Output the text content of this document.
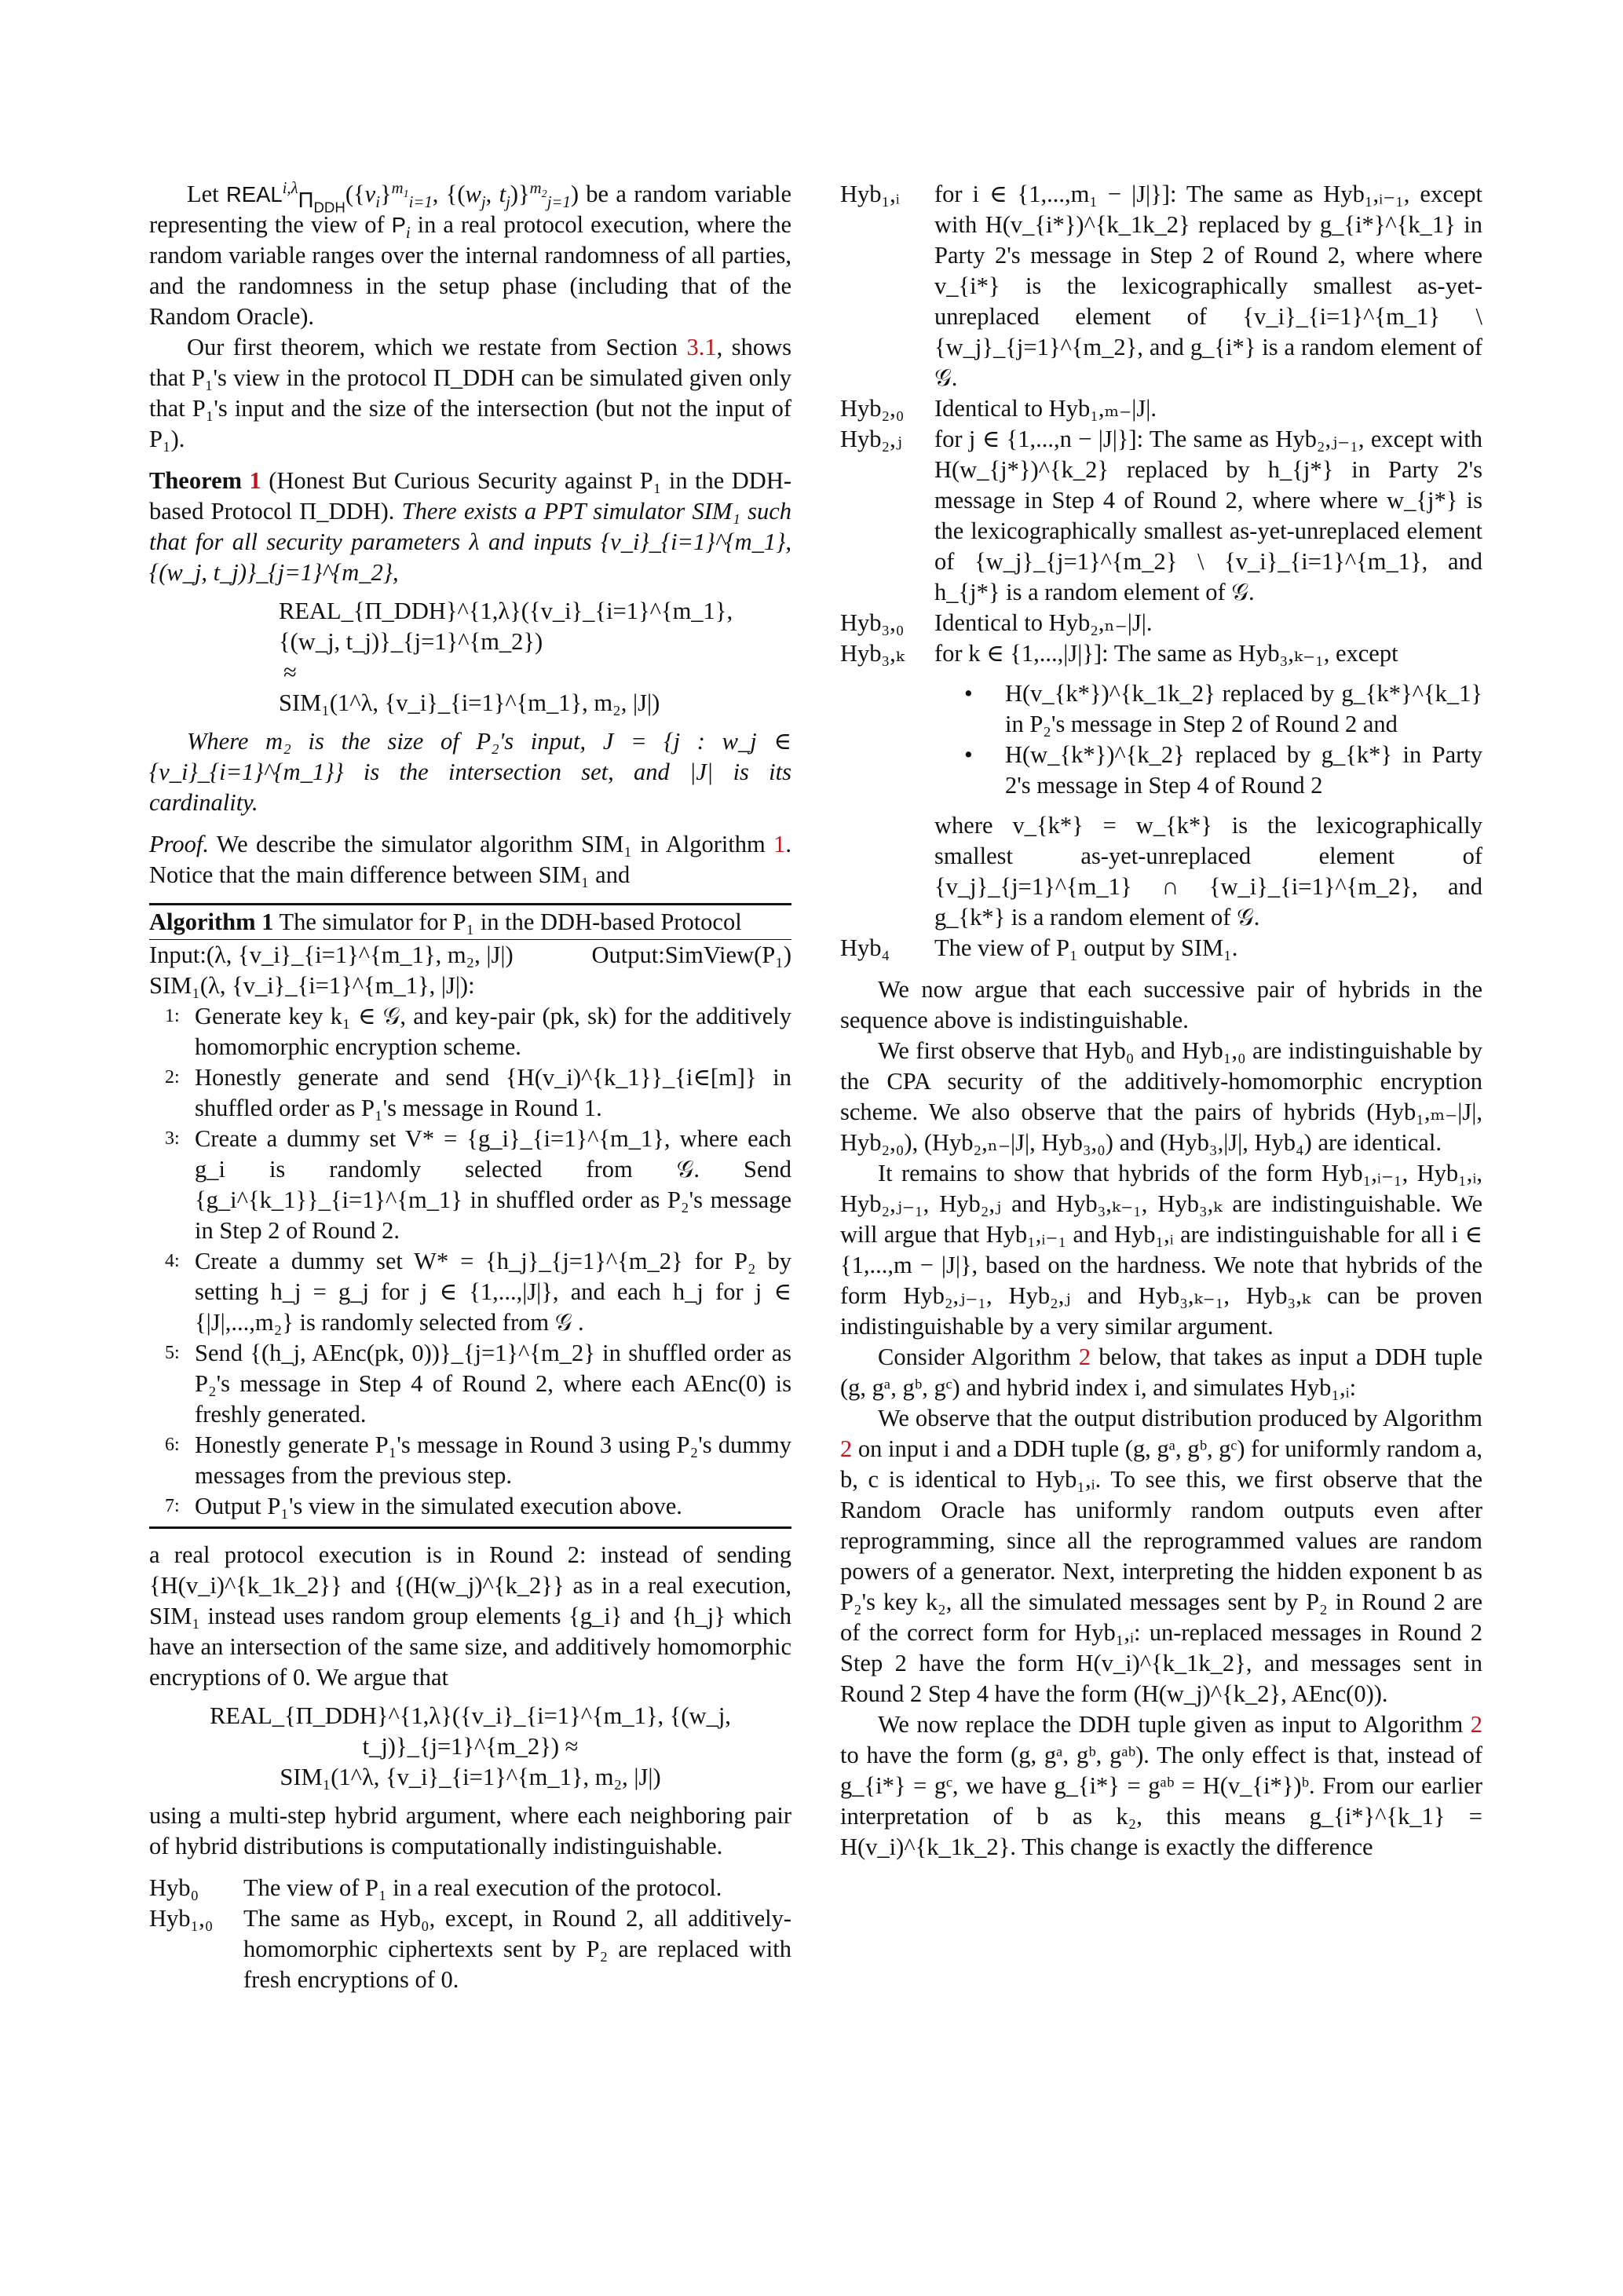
Let $REAL^{i,\lambda}_{\Pi_{DDH}}(\{v_i\}^{m_1}_{i=1}$, {($w_j$, $t_j)\}^{m_2}_{j=1}$) be a random variable representing the view of $P_i$ in a real protocol execution, where the random variable ranges over the internal randomness of all parties, and the randomness in the setup phase (including that of the Random Oracle).

Our first theorem, which we restate from Section 3.1, shows that P₁'s view in the protocol Π_DDH can be simulated given only that P₁'s input and the size of the intersection (but not the input of P₁).

Theorem 1 (Honest But Curious Security against P₁ in the DDH-based Protocol Π_DDH). There exists a PPT simulator SIM₁ such that for all security parameters λ and inputs {v_i}_{i=1}^{m_1}, {(w_j, t_j)}_{j=1}^{m_2},

REAL_{Π_DDH}^{1,λ}({v_i}_{i=1}^{m_1}, {(w_j, t_j)}_{j=1}^{m_2})
≈
SIM₁(1^λ, {v_i}_{i=1}^{m_1}, m₂, |J|)

Where m₂ is the size of P₂'s input, J = {j : w_j ∈ {v_i}_{i=1}^{m_1}} is the intersection set, and |J| is its cardinality.

Proof. We describe the simulator algorithm SIM₁ in Algorithm 1. Notice that the main difference between SIM₁ and

Algorithm 1 The simulator for P₁ in the DDH-based Protocol
Input:(λ, {v_i}_{i=1}^{m_1}, m₂, |J|)	Output:SimView(P₁)
SIM₁(λ, {v_i}_{i=1}^{m_1}, |J|):
1: Generate key k₁ ∈ 𝒢, and key-pair (pk, sk) for the additively homomorphic encryption scheme.
2: Honestly generate and send {H(v_i)^{k_1}}_{i∈[m]} in shuffled order as P₁'s message in Round 1.
3: Create a dummy set V* = {g_i}_{i=1}^{m_1}, where each g_i is randomly selected from 𝒢. Send {g_i^{k_1}}_{i=1}^{m_1} in shuffled order as P₂'s message in Step 2 of Round 2.
4: Create a dummy set W* = {h_j}_{j=1}^{m_2} for P₂ by setting h_j = g_j for j ∈ {1,...,|J|}, and each h_j for j ∈ {|J|,...,m₂} is randomly selected from 𝒢 .
5: Send {(h_j, AEnc(pk, 0))}_{j=1}^{m_2} in shuffled order as P₂'s message in Step 4 of Round 2, where each AEnc(0) is freshly generated.
6: Honestly generate P₁'s message in Round 3 using P₂'s dummy messages from the previous step.
7: Output P₁'s view in the simulated execution above.

a real protocol execution is in Round 2: instead of sending {H(v_i)^{k_1k_2}} and {(H(w_j)^{k_2}} as in a real execution, SIM₁ instead uses random group elements {g_i} and {h_j} which have an intersection of the same size, and additively homomorphic encryptions of 0. We argue that

REAL_{Π_DDH}^{1,λ}({v_i}_{i=1}^{m_1}, {(w_j, t_j)}_{j=1}^{m_2}) ≈
SIM₁(1^λ, {v_i}_{i=1}^{m_1}, m₂, |J|)

using a multi-step hybrid argument, where each neighboring pair of hybrid distributions is computationally indistinguishable.

Hyb₀	The view of P₁ in a real execution of the protocol.
Hyb₁,₀	The same as Hyb₀, except, in Round 2, all additively-homomorphic ciphertexts sent by P₂ are replaced with fresh encryptions of 0.
Hyb₁,ᵢ	for i ∈ {1,...,m₁ − |J|}]: The same as Hyb₁,ᵢ₋₁, except with H(v_{i*})^{k_1k_2} replaced by g_{i*}^{k_1} in Party 2's message in Step 2 of Round 2, where where v_{i*} is the lexicographically smallest as-yet-unreplaced element of {v_i}_{i=1}^{m_1} \ {w_j}_{j=1}^{m_2}, and g_{i*} is a random element of 𝒢.
Hyb₂,₀	Identical to Hyb₁,ₘ₋|J|.
Hyb₂,ⱼ	for j ∈ {1,...,n − |J|}]: The same as Hyb₂,ⱼ₋₁, except with H(w_{j*})^{k_2} replaced by h_{j*} in Party 2's message in Step 4 of Round 2, where where w_{j*} is the lexicographically smallest as-yet-unreplaced element of {w_j}_{j=1}^{m_2} \ {v_i}_{i=1}^{m_1}, and h_{j*} is a random element of 𝒢.
Hyb₃,₀	Identical to Hyb₂,ₙ₋|J|.
Hyb₃,ₖ	for k ∈ {1,...,|J|}]: The same as Hyb₃,ₖ₋₁, except
• H(v_{k*})^{k_1k_2} replaced by g_{k*}^{k_1} in P₂'s message in Step 2 of Round 2 and
• H(w_{k*})^{k_2} replaced by g_{k*} in Party 2's message in Step 4 of Round 2
where v_{k*} = w_{k*} is the lexicographically smallest as-yet-unreplaced element of {v_j}_{j=1}^{m_1} ∩ {w_i}_{i=1}^{m_2}, and g_{k*} is a random element of 𝒢.
Hyb₄	The view of P₁ output by SIM₁.

We now argue that each successive pair of hybrids in the sequence above is indistinguishable.

We first observe that Hyb₀ and Hyb₁,₀ are indistinguishable by the CPA security of the additively-homomorphic encryption scheme. We also observe that the pairs of hybrids (Hyb₁,ₘ₋|J|, Hyb₂,₀), (Hyb₂,ₙ₋|J|, Hyb₃,₀) and (Hyb₃,|J|, Hyb₄) are identical.

It remains to show that hybrids of the form Hyb₁,ᵢ₋₁, Hyb₁,ᵢ, Hyb₂,ⱼ₋₁, Hyb₂,ⱼ and Hyb₃,ₖ₋₁, Hyb₃,ₖ are indistinguishable. We will argue that Hyb₁,ᵢ₋₁ and Hyb₁,ᵢ are indistinguishable for all i ∈ {1,...,m − |J|}, based on the hardness. We note that hybrids of the form Hyb₂,ⱼ₋₁, Hyb₂,ⱼ and Hyb₃,ₖ₋₁, Hyb₃,ₖ can be proven indistinguishable by a very similar argument.

Consider Algorithm 2 below, that takes as input a DDH tuple (g, gᵃ, gᵇ, gᶜ) and hybrid index i, and simulates Hyb₁,ᵢ:

We observe that the output distribution produced by Algorithm 2 on input i and a DDH tuple (g, gᵃ, gᵇ, gᶜ) for uniformly random a, b, c is identical to Hyb₁,ᵢ. To see this, we first observe that the Random Oracle has uniformly random outputs even after reprogramming, since all the reprogrammed values are random powers of a generator. Next, interpreting the hidden exponent b as P₂'s key k₂, all the simulated messages sent by P₂ in Round 2 are of the correct form for Hyb₁,ᵢ: un-replaced messages in Round 2 Step 2 have the form H(v_i)^{k_1k_2}, and messages sent in Round 2 Step 4 have the form (H(w_j)^{k_2}, AEnc(0)).

We now replace the DDH tuple given as input to Algorithm 2 to have the form (g, gᵃ, gᵇ, gᵃᵇ). The only effect is that, instead of g_{i*} = gᶜ, we have g_{i*} = gᵃᵇ = H(v_{i*})ᵇ. From our earlier interpretation of b as k₂, this means g_{i*}^{k_1} = H(v_i)^{k_1k_2}. This change is exactly the difference
